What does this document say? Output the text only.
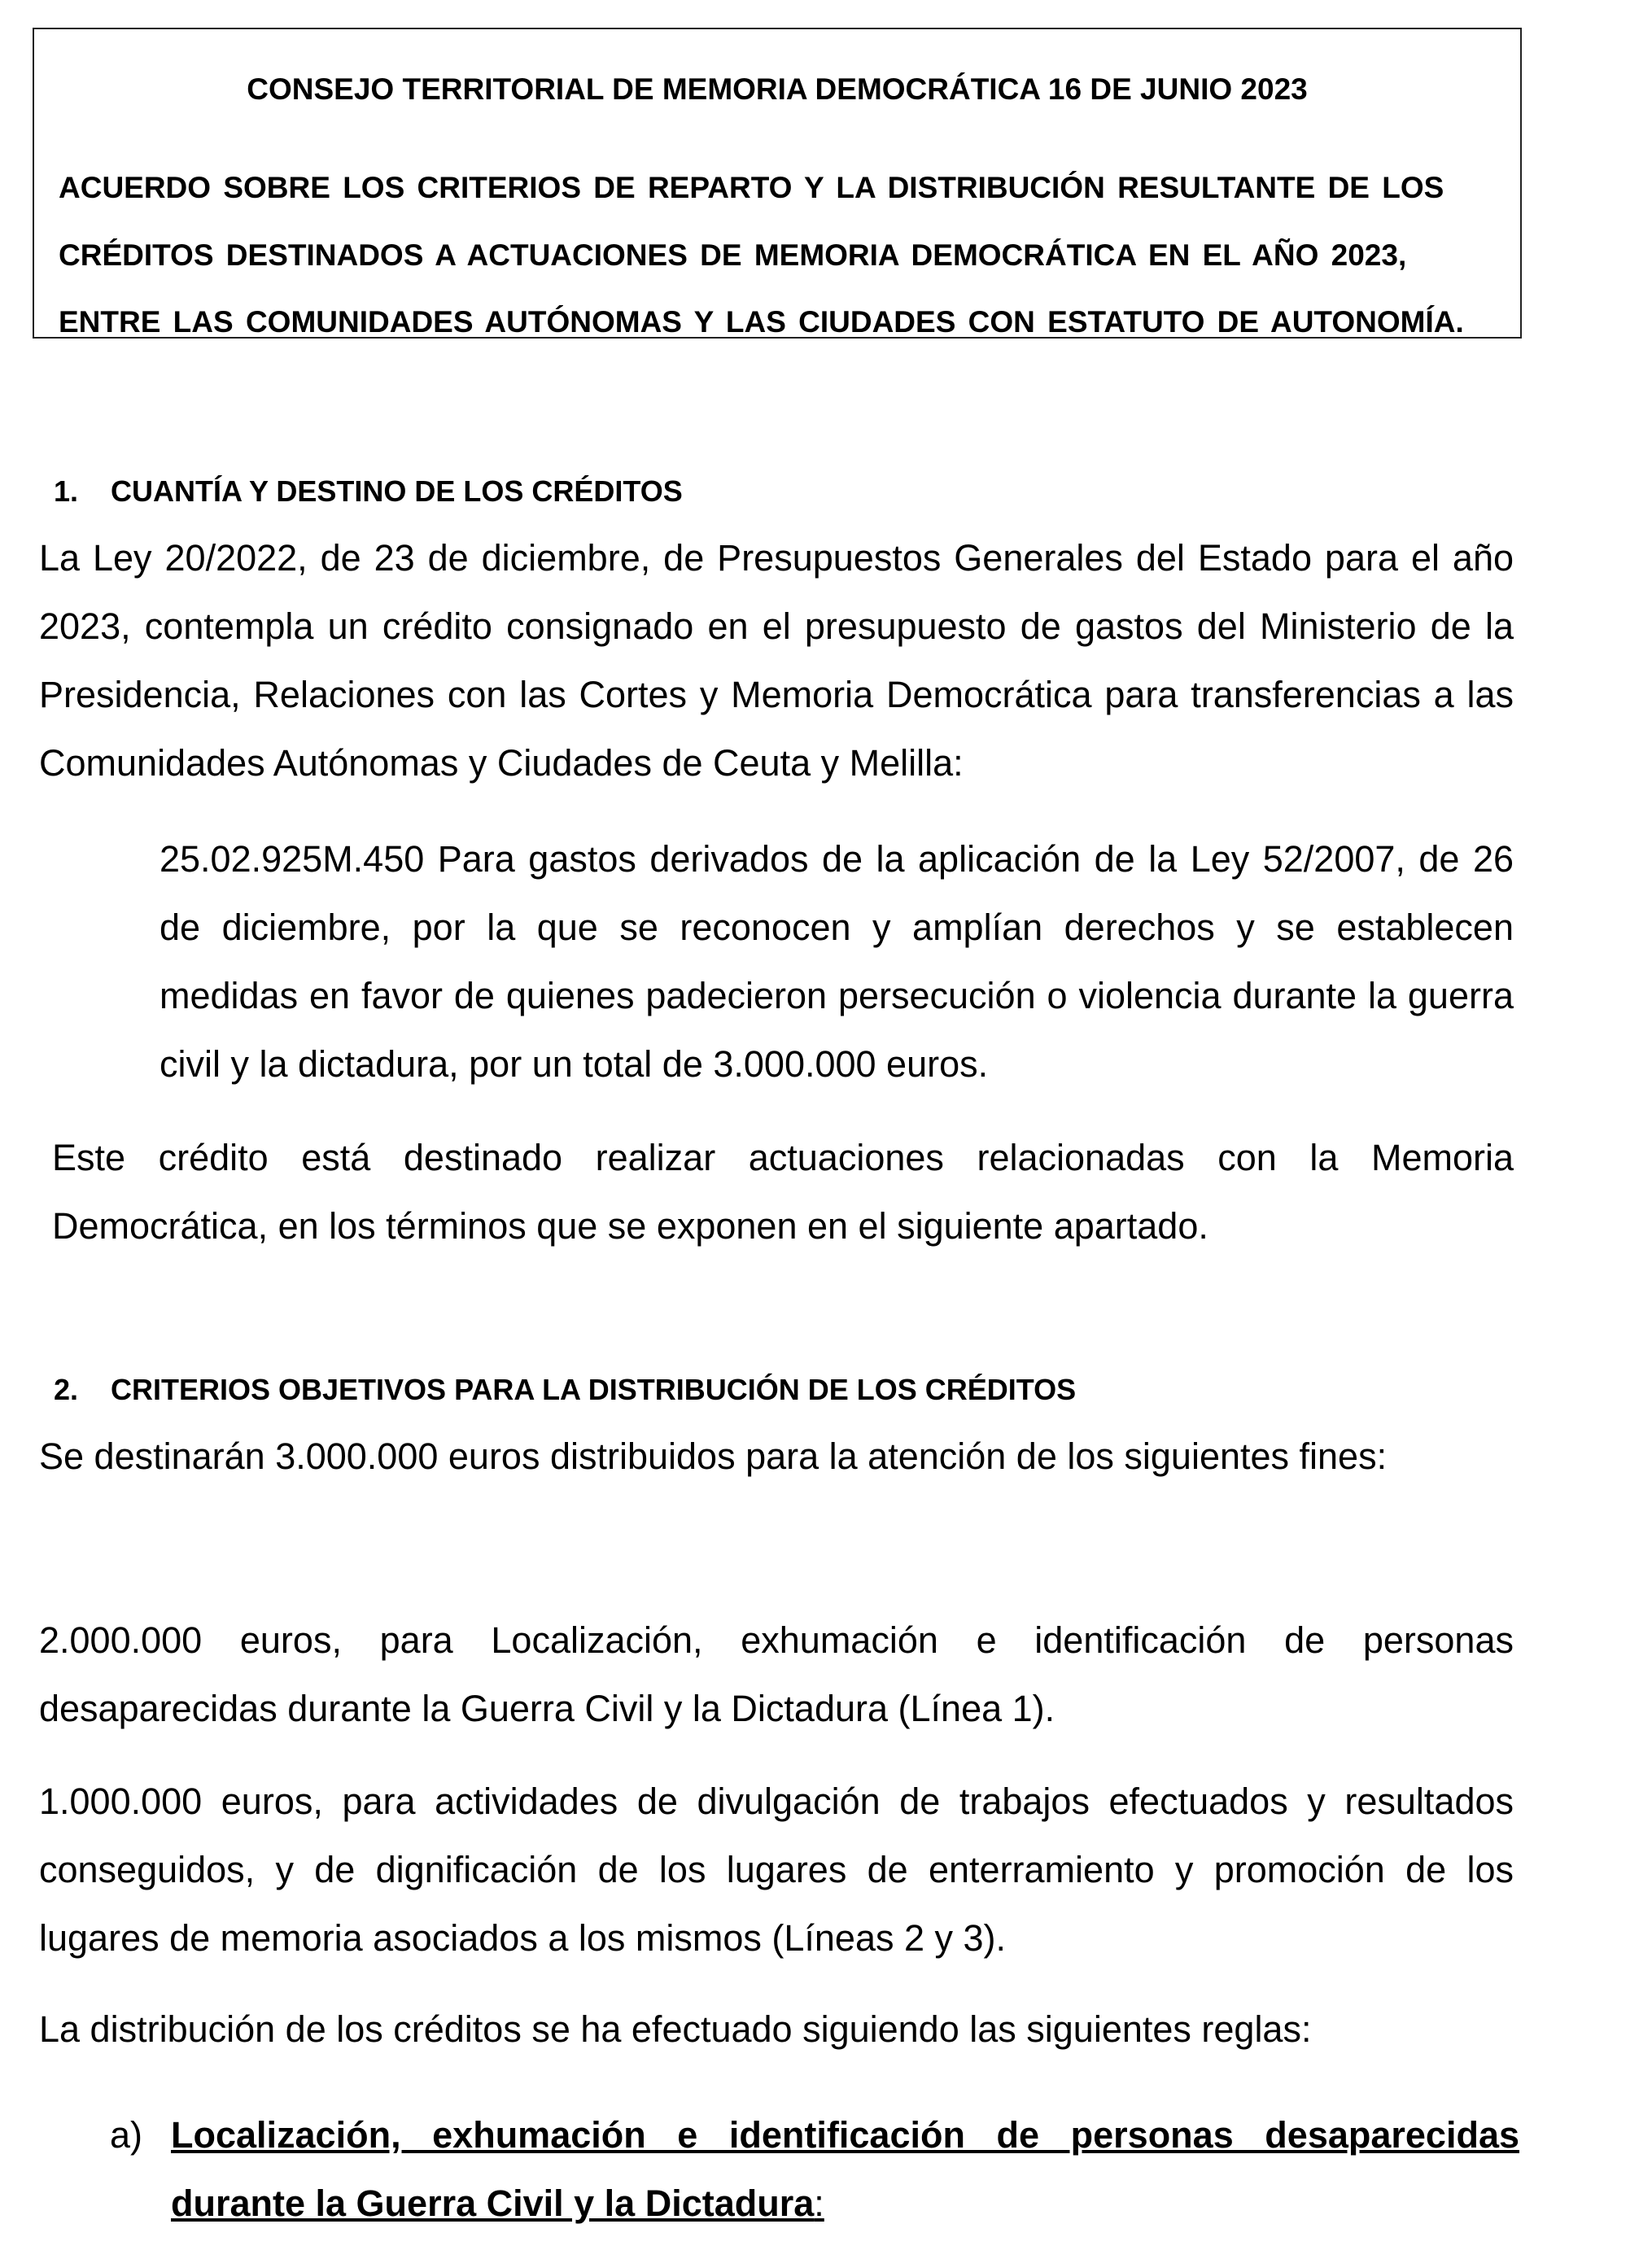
CONSEJO TERRITORIAL DE MEMORIA DEMOCRÁTICA 16 DE JUNIO 2023
ACUERDO SOBRE LOS CRITERIOS DE REPARTO Y LA DISTRIBUCIÓN RESULTANTE DE LOS
CRÉDITOS DESTINADOS A ACTUACIONES DE MEMORIA DEMOCRÁTICA EN EL AÑO 2023,
ENTRE LAS COMUNIDADES AUTÓNOMAS Y LAS CIUDADES CON ESTATUTO DE AUTONOMÍA.
1. CUANTÍA Y DESTINO DE LOS CRÉDITOS
La Ley 20/2022, de 23 de diciembre, de Presupuestos Generales del Estado para el año 2023, contempla un crédito consignado en el presupuesto de gastos del Ministerio de la Presidencia, Relaciones con las Cortes y Memoria Democrática para transferencias a las Comunidades Autónomas y Ciudades de Ceuta y Melilla:
25.02.925M.450 Para gastos derivados de la aplicación de la Ley 52/2007, de 26 de diciembre, por la que se reconocen y amplían derechos y se establecen medidas en favor de quienes padecieron persecución o violencia durante la guerra civil y la dictadura, por un total de 3.000.000 euros.
Este crédito está destinado realizar actuaciones relacionadas con la Memoria Democrática, en los términos que se exponen en el siguiente apartado.
2. CRITERIOS OBJETIVOS PARA LA DISTRIBUCIÓN DE LOS CRÉDITOS
Se destinarán 3.000.000 euros distribuidos para la atención de los siguientes fines:
2.000.000 euros, para Localización, exhumación e identificación de personas desaparecidas durante la Guerra Civil y la Dictadura (Línea 1).
1.000.000 euros, para actividades de divulgación de trabajos efectuados y resultados conseguidos, y de dignificación de los lugares de enterramiento y promoción de los lugares de memoria asociados a los mismos (Líneas 2 y 3).
La distribución de los créditos se ha efectuado siguiendo las siguientes reglas:
a) Localización, exhumación e identificación de personas desaparecidas durante la Guerra Civil y la Dictadura:
